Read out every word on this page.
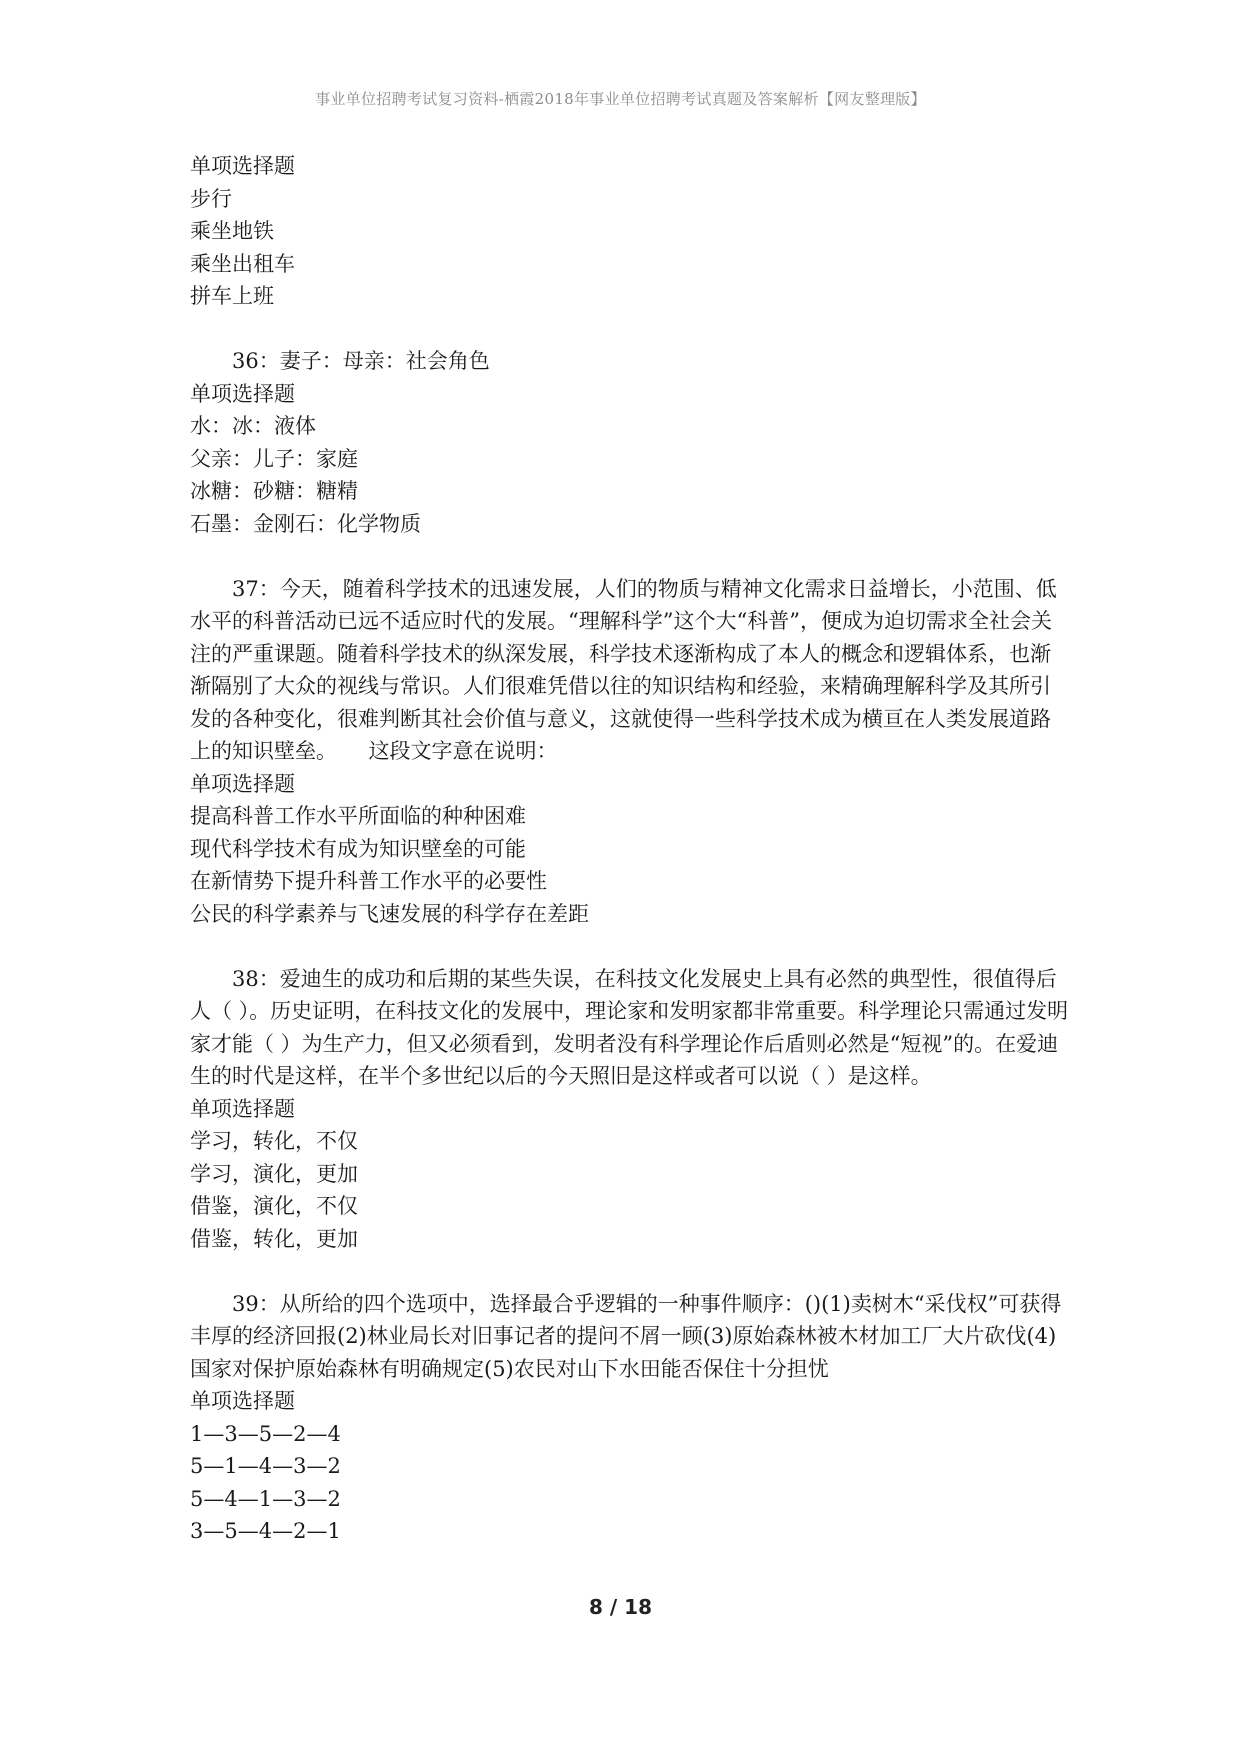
事业单位招聘考试复习资料-栖霞2018年事业单位招聘考试真题及答案解析【网友整理版】

单项选择题

步行

乘坐地铁

乘坐出租车

拼车上班

36：妻子：母亲：社会角色

单项选择题

水：冰：液体

父亲：儿子：家庭

冰糖：砂糖：糖精

石墨：金刚石：化学物质

37：今天，随着科学技术的迅速发展，人们的物质与精神文化需求日益增长，小范围、低水平的科普活动已远不适应时代的发展。“理解科学”这个大“科普”，便成为迫切需求全社会关注的严重课题。随着科学技术的纵深发展，科学技术逐渐构成了本人的概念和逻辑体系，也渐渐隔别了大众的视线与常识。人们很难凭借以往的知识结构和经验，来精确理解科学及其所引发的各种变化，很难判断其社会价值与意义，这就使得一些科学技术成为横亘在人类发展道路上的知识壁垒。　　这段文字意在说明：

单项选择题

提高科普工作水平所面临的种种困难

现代科学技术有成为知识壁垒的可能

在新情势下提升科普工作水平的必要性

公民的科学素养与飞速发展的科学存在差距

38：爱迪生的成功和后期的某些失误，在科技文化发展史上具有必然的典型性，很值得后人（ ）。历史证明，在科技文化的发展中，理论家和发明家都非常重要。科学理论只需通过发明家才能（ ）为生产力，但又必须看到，发明者没有科学理论作后盾则必然是“短视”的。在爱迪生的时代是这样，在半个多世纪以后的今天照旧是这样或者可以说（ ）是这样。

单项选择题

学习，转化，不仅

学习，演化，更加

借鉴，演化，不仅

借鉴，转化，更加

39：从所给的四个选项中，选择最合乎逻辑的一种事件顺序：()(1)卖树木“采伐权”可获得丰厚的经济回报(2)林业局长对旧事记者的提问不屑一顾(3)原始森林被木材加工厂大片砍伐(4)国家对保护原始森林有明确规定(5)农民对山下水田能否保住十分担忧

单项选择题

1—3—5—2—4

5—1—4—3—2

5—4—1—3—2

3—5—4—2—1

8 / 18
